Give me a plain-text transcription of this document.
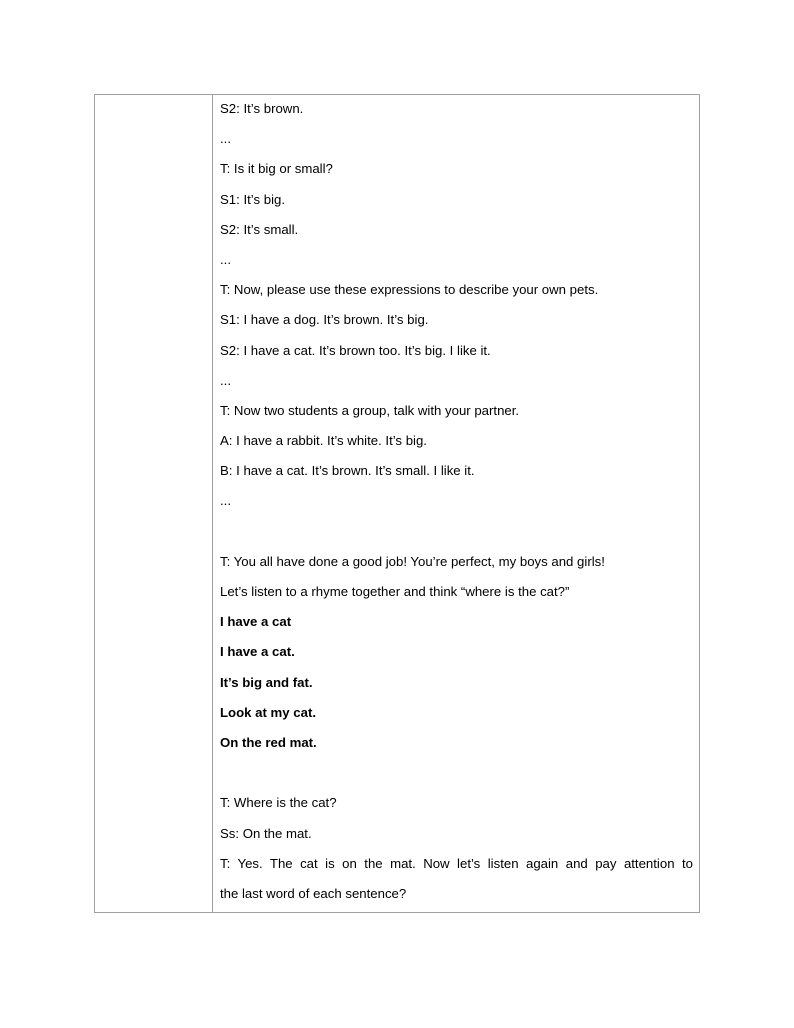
S2: It’s brown.
...
T: Is it big or small?
S1: It’s big.
S2: It’s small.
...
T: Now, please use these expressions to describe your own pets.
S1: I have a dog. It’s brown. It’s big.
S2: I have a cat. It’s brown too. It’s big. I like it.
...
T: Now two students a group, talk with your partner.
A: I have a rabbit. It’s white. It’s big.
B: I have a cat. It’s brown. It’s small. I like it.
...
T: You all have done a good job! You’re perfect, my boys and girls!
Let’s listen to a rhyme together and think “where is the cat?”
I have a cat
I have a cat.
It’s big and fat.
Look at my cat.
On the red mat.
T: Where is the cat?
Ss: On the mat.
T: Yes. The cat is on the mat. Now let’s listen again and pay attention to
the last word of each sentence?
